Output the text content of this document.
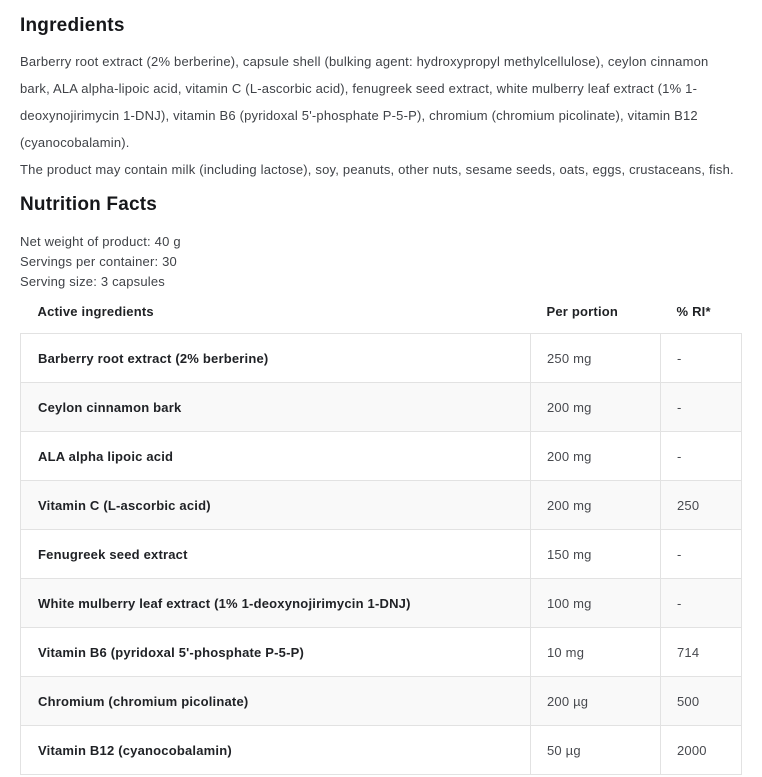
Ingredients

Barberry root extract (2% berberine), capsule shell (bulking agent: hydroxypropyl methylcellulose), ceylon cinnamon bark, ALA alpha-lipoic acid, vitamin C (L-ascorbic acid), fenugreek seed extract, white mulberry leaf extract (1% 1-deoxynojirimycin 1-DNJ), vitamin B6 (pyridoxal 5'-phosphate P-5-P), chromium (chromium picolinate), vitamin B12 (cyanocobalamin).

The product may contain milk (including lactose), soy, peanuts, other nuts, sesame seeds, oats, eggs, crustaceans, fish.

Nutrition Facts

Net weight of product: 40 g

Servings per container: 30

Serving size: 3 capsules

Active ingredients	Per portion	% RI*
Barberry root extract (2% berberine)	250 mg	-
Ceylon cinnamon bark	200 mg	-
ALA alpha lipoic acid	200 mg	-
Vitamin C (L-ascorbic acid)	200 mg	250
Fenugreek seed extract	150 mg	-
White mulberry leaf extract (1% 1-deoxynojirimycin 1-DNJ)	100 mg	-
Vitamin B6 (pyridoxal 5'-phosphate P-5-P)	10 mg	714
Chromium (chromium picolinate)	200 µg	500
Vitamin B12 (cyanocobalamin)	50 µg	2000
